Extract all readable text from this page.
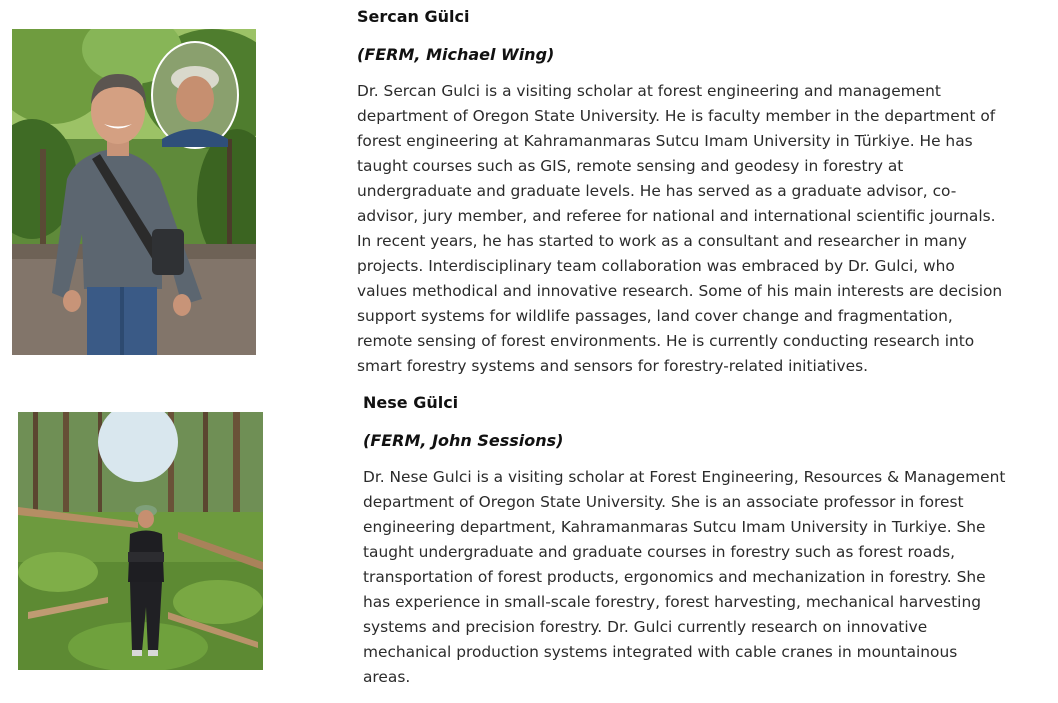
Sercan Gülci

(FERM, Michael Wing)

Dr. Sercan Gulci is a visiting scholar at forest engineering and management
department of Oregon State University. He is faculty member in the department of
forest engineering at Kahramanmaras Sutcu Imam University in Türkiye. He has
taught courses such as GIS, remote sensing and geodesy in forestry at
undergraduate and graduate levels. He has served as a graduate advisor, co-
advisor, jury member, and referee for national and international scientific journals.
In recent years, he has started to work as a consultant and researcher in many
projects. Interdisciplinary team collaboration was embraced by Dr. Gulci, who
values methodical and innovative research. Some of his main interests are decision
support systems for wildlife passages, land cover change and fragmentation,
remote sensing of forest environments. He is currently conducting research into
smart forestry systems and sensors for forestry-related initiatives.

Nese Gülci

(FERM, John Sessions)

Dr. Nese Gulci is a visiting scholar at Forest Engineering, Resources & Management
department of Oregon State University. She is an associate professor in forest
engineering department, Kahramanmaras Sutcu Imam University in Turkiye. She
taught undergraduate and graduate courses in forestry such as forest roads,
transportation of forest products, ergonomics and mechanization in forestry. She
has experience in small-scale forestry, forest harvesting, mechanical harvesting
systems and precision forestry. Dr. Gulci currently research on innovative
mechanical production systems integrated with cable cranes in mountainous
areas.
